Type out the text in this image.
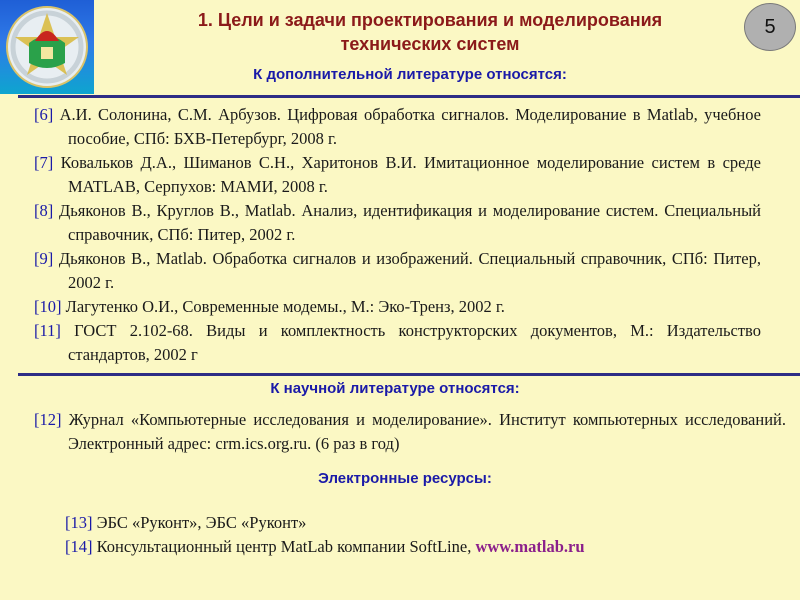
1. Цели и задачи проектирования и моделирования
технических систем
5
К дополнительной литературе относятся:
[6] А.И. Солонина, С.М. Арбузов. Цифровая обработка сигналов. Моделирование в Matlab, учебное пособие, СПб: БХВ-Петербург, 2008 г.
[7] Ковальков Д.А., Шиманов С.Н., Харитонов В.И. Имитационное моделирование систем в среде MATLAB, Серпухов: МАМИ, 2008 г.
[8] Дьяконов В., Круглов В., Matlab. Анализ, идентификация и моделирование систем. Специальный справочник, СПб: Питер, 2002 г.
[9] Дьяконов В., Matlab. Обработка сигналов и изображений. Специальный справочник, СПб: Питер, 2002 г.
[10] Лагутенко О.И., Современные модемы., М.: Эко-Тренз, 2002 г.
[11] ГОСТ 2.102-68. Виды и комплектность конструкторских документов, М.: Издательство стандартов, 2002 г
К научной литературе относятся:
[12] Журнал «Компьютерные исследования и моделирование». Институт компьютерных исследований. Электронный адрес: crm.ics.org.ru. (6 раз в год)
Электронные ресурсы:
[13] ЭБС «Руконт», ЭБС «Руконт»
[14] Консультационный центр MatLab компании SoftLine, www.matlab.ru
